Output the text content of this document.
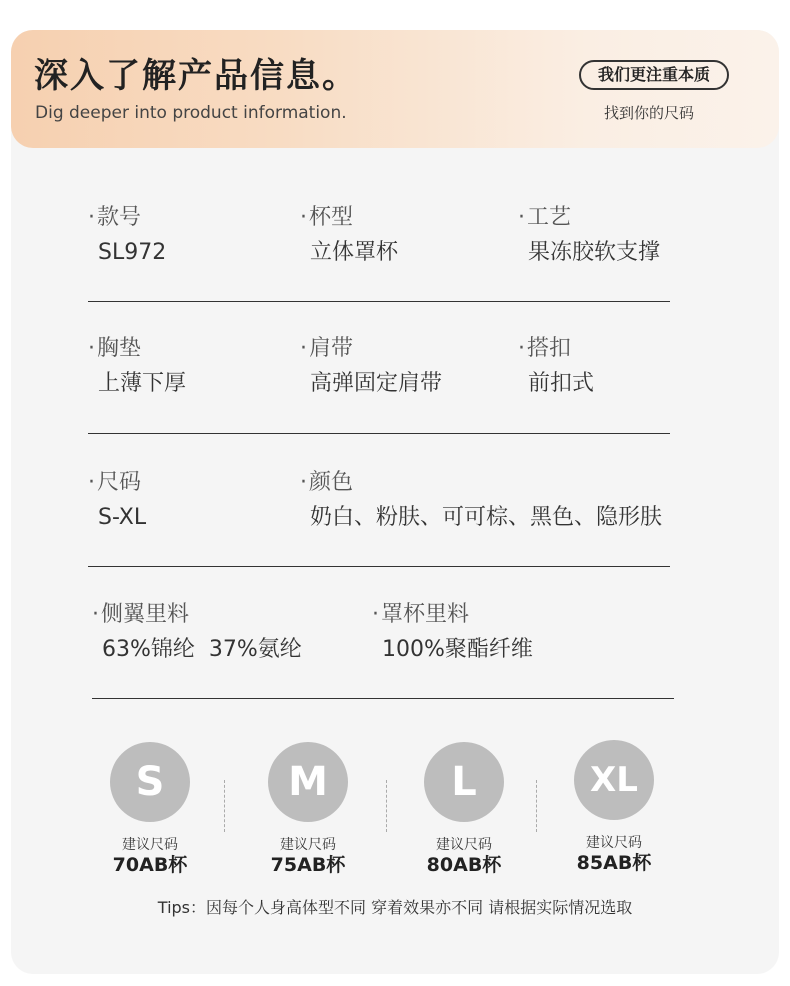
深入了解产品信息。
Dig deeper into product information.
我们更注重本质
找到你的尺码
· 款号
SL972
· 杯型
立体罩杯
· 工艺
果冻胶软支撑
· 胸垫
上薄下厚
· 肩带
高弹固定肩带
· 搭扣
前扣式
· 尺码
S-XL
· 颜色
奶白、粉肤、可可棕、黑色、隐形肤
· 侧翼里料
63%锦纶  37%氨纶
· 罩杯里料
100%聚酯纤维
S
建议尺码
70AB杯
M
建议尺码
75AB杯
L
建议尺码
80AB杯
XL
建议尺码
85AB杯
Tips：因每个人身高体型不同 穿着效果亦不同 请根据实际情况选取
